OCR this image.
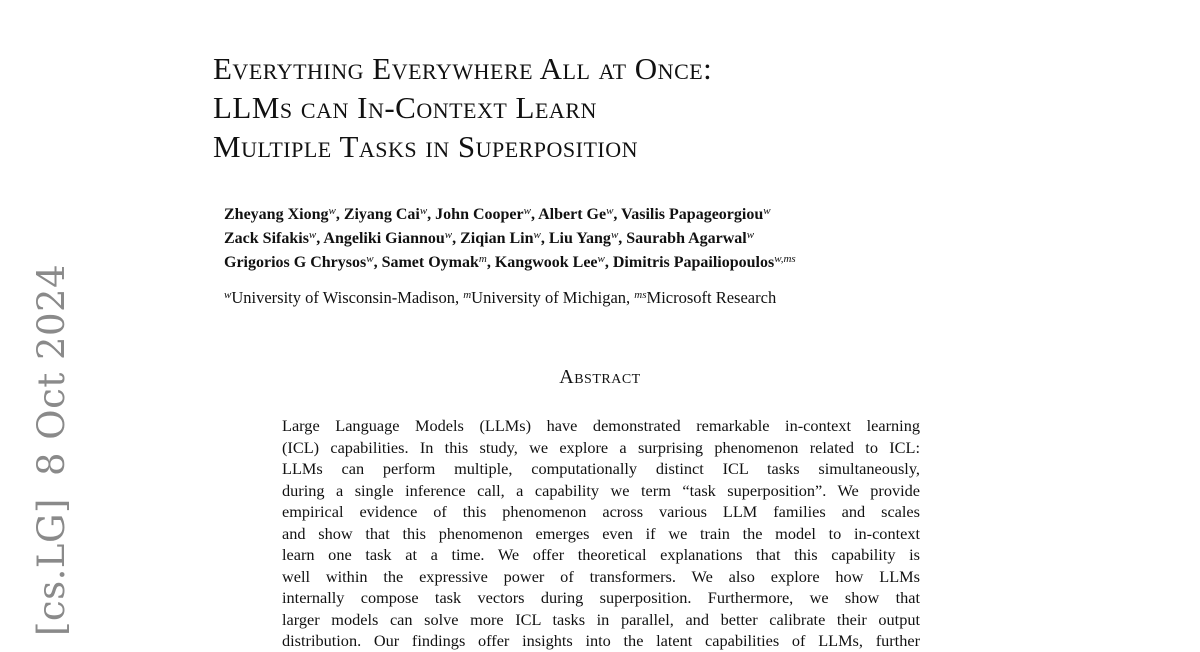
[cs.LG]8 Oct 2024
Everything Everywhere All at Once:
LLMs can In-Context Learn
Multiple Tasks in Superposition
Zheyang Xiong$^w$, Ziyang Cai$^w$, John Cooper$^w$, Albert Ge$^w$, Vasilis Papageorgiou$^w$
Zack Sifakis$^w$, Angeliki Giannou$^w$, Ziqian Lin$^w$, Liu Yang$^w$, Saurabh Agarwal$^w$
Grigorios G Chrysos$^w$, Samet Oymak$^m$, Kangwook Lee$^w$, Dimitris Papailiopoulos$^{w,ms}$
$^w$University of Wisconsin-Madison, $^m$University of Michigan, $^{ms}$Microsoft Research
Abstract
Large Language Models (LLMs) have demonstrated remarkable in-context learning
(ICL) capabilities. In this study, we explore a surprising phenomenon related to ICL:
LLMs can perform multiple, computationally distinct ICL tasks simultaneously,
during a single inference call, a capability we term “task superposition”. We provide
empirical evidence of this phenomenon across various LLM families and scales
and show that this phenomenon emerges even if we train the model to in-context
learn one task at a time. We offer theoretical explanations that this capability is
well within the expressive power of transformers. We also explore how LLMs
internally compose task vectors during superposition. Furthermore, we show that
larger models can solve more ICL tasks in parallel, and better calibrate their output
distribution. Our findings offer insights into the latent capabilities of LLMs, further
